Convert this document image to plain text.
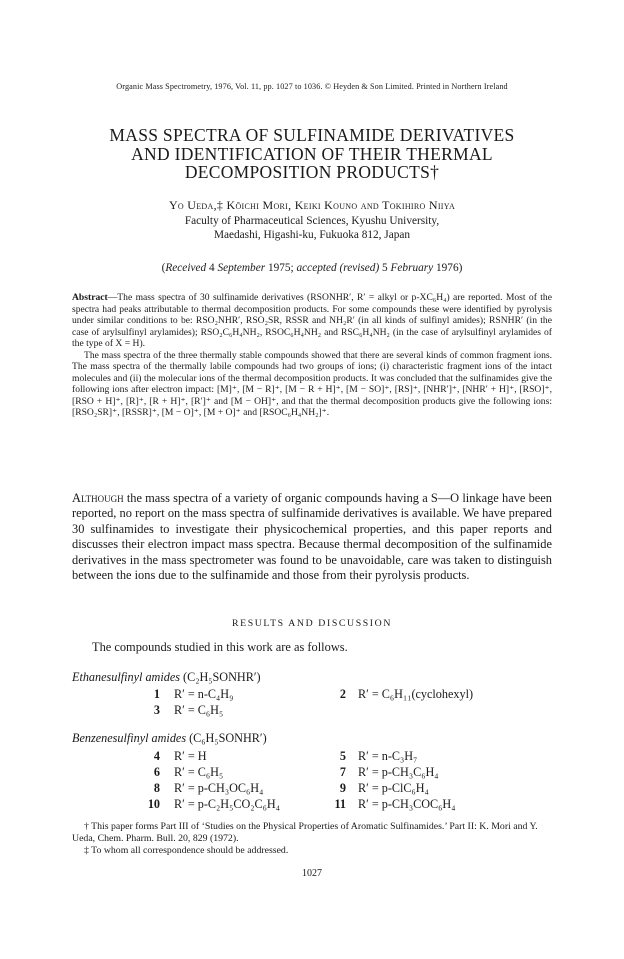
Organic Mass Spectrometry, 1976, Vol. 11, pp. 1027 to 1036. © Heyden & Son Limited. Printed in Northern Ireland
MASS SPECTRA OF SULFINAMIDE DERIVATIVES
AND IDENTIFICATION OF THEIR THERMAL
DECOMPOSITION PRODUCTS†
Yo Ueda,‡ Kōichi Mori, Keiki Kouno and Tokihiro Niiya
Faculty of Pharmaceutical Sciences, Kyushu University,
Maedashi, Higashi-ku, Fukuoka 812, Japan
(Received 4 September 1975; accepted (revised) 5 February 1976)

Abstract—The mass spectra of 30 sulfinamide derivatives (RSONHR′, R′ = alkyl or p-XC₆H₄) are reported. Most of the spectra had peaks attributable to thermal decomposition products. For some compounds these were identified by pyrolysis under similar conditions to be: RSO₂NHR′, RSO₂SR, RSSR and NH₂R′ (in all kinds of sulfinyl amides); RSNHR′ (in the case of arylsulfinyl arylamides); RSO₂C₆H₄NH₂, RSOC₆H₄NH₂ and RSC₆H₄NH₂ (in the case of arylsulfinyl arylamides of the type of X = H).

The mass spectra of the three thermally stable compounds showed that there are several kinds of common fragment ions. The mass spectra of the thermally labile compounds had two groups of ions; (i) characteristic fragment ions of the intact molecules and (ii) the molecular ions of the thermal decomposition products. It was concluded that the sulfinamides give the following ions after electron impact: [M]⁺, [M − R]⁺, [M − R + H]⁺, [M − SO]⁺, [RS]⁺, [NHR′]⁺, [NHR′ + H]⁺, [RSO]⁺, [RSO + H]⁺, [R]⁺, [R + H]⁺, [R′]⁺ and [M − OH]⁺, and that the thermal decomposition products give the following ions: [RSO₂SR]⁺, [RSSR]⁺, [M − O]⁺, [M + O]⁺ and [RSOC₆H₄NH₂]⁺.

Although the mass spectra of a variety of organic compounds having a S—O linkage have been reported, no report on the mass spectra of sulfinamide derivatives is available. We have prepared 30 sulfinamides to investigate their physicochemical properties, and this paper reports and discusses their electron impact mass spectra. Because thermal decomposition of the sulfinamide derivatives in the mass spectrometer was found to be unavoidable, care was taken to distinguish between the ions due to the sulfinamide and those from their pyrolysis products.

RESULTS AND DISCUSSION
The compounds studied in this work are as follows.
Ethanesulfinyl amides (C₂H₅SONHR′)
1 R′ = n-C₄H₉	2 R′ = C₆H₁₁(cyclohexyl)
3 R′ = C₆H₅
Benzenesulfinyl amides (C₆H₅SONHR′)
4 R′ = H	5 R′ = n-C₃H₇
6 R′ = C₆H₅	7 R′ = p-CH₃C₆H₄
8 R′ = p-CH₃OC₆H₄	9 R′ = p-ClC₆H₄
10 R′ = p-C₂H₅CO₂C₆H₄	11 R′ = p-CH₃COC₆H₄

† This paper forms Part III of ‘Studies on the Physical Properties of Aromatic Sulfinamides.’ Part II: K. Mori and Y. Ueda, Chem. Pharm. Bull. 20, 829 (1972).

‡ To whom all correspondence should be addressed.

1027
